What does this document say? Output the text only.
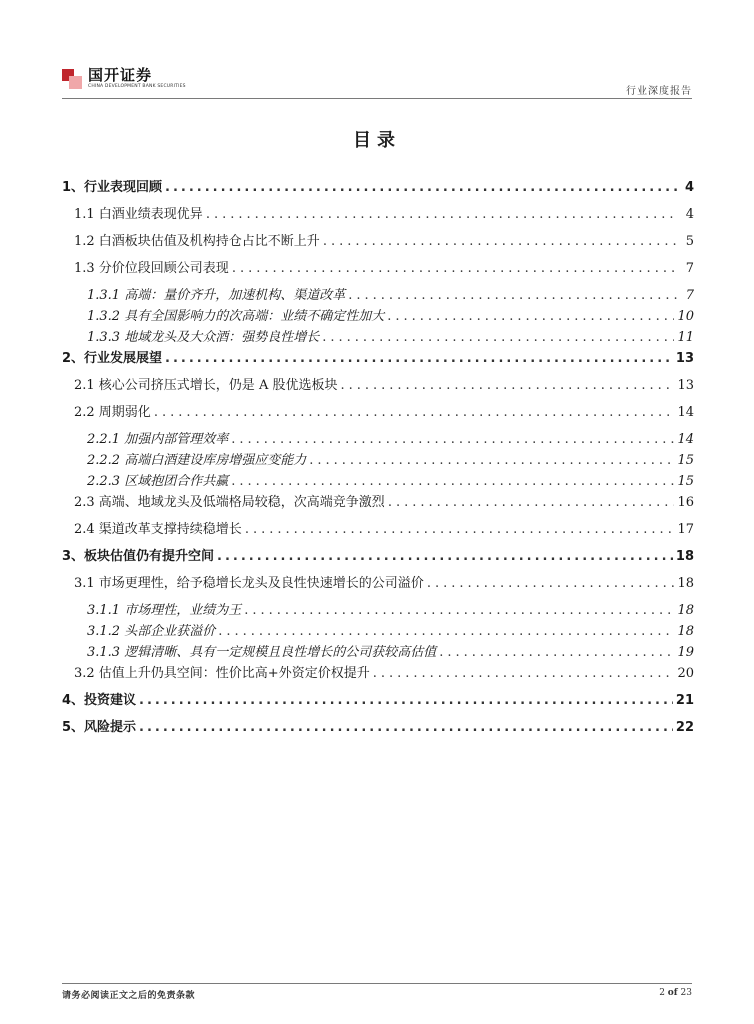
国开证券
CHINA DEVELOPMENT BANK SECURITIES	行业深度报告
目录
1、行业表现回顾 .....	4
1.1 白酒业绩表现优异 .....	4
1.2 白酒板块估值及机构持仓占比不断上升 .....	5
1.3 分价位段回顾公司表现 .....	7
1.3.1 高端：量价齐升，加速机构、渠道改革 .....	7
1.3.2 具有全国影响力的次高端：业绩不确定性加大 .....	10
1.3.3 地域龙头及大众酒：强势良性增长 .....	11
2、行业发展展望 .....	13
2.1 核心公司挤压式增长，仍是 A 股优选板块 .....	13
2.2 周期弱化 .....	14
2.2.1 加强内部管理效率 .....	14
2.2.2 高端白酒建设库房增强应变能力 .....	15
2.2.3 区域抱团合作共赢 .....	15
2.3 高端、地域龙头及低端格局较稳，次高端竞争激烈 .....	16
2.4 渠道改革支撑持续稳增长 .....	17
3、板块估值仍有提升空间 .....	18
3.1 市场更理性，给予稳增长龙头及良性快速增长的公司溢价 .....	18
3.1.1 市场理性，业绩为王 .....	18
3.1.2 头部企业获溢价 .....	18
3.1.3 逻辑清晰、具有一定规模且良性增长的公司获较高估值 .....	19
3.2 估值上升仍具空间：性价比高+外资定价权提升 .....	20
4、投资建议 .....	21
5、风险提示 .....	22
请务必阅读正文之后的免责条款	2 of 23
